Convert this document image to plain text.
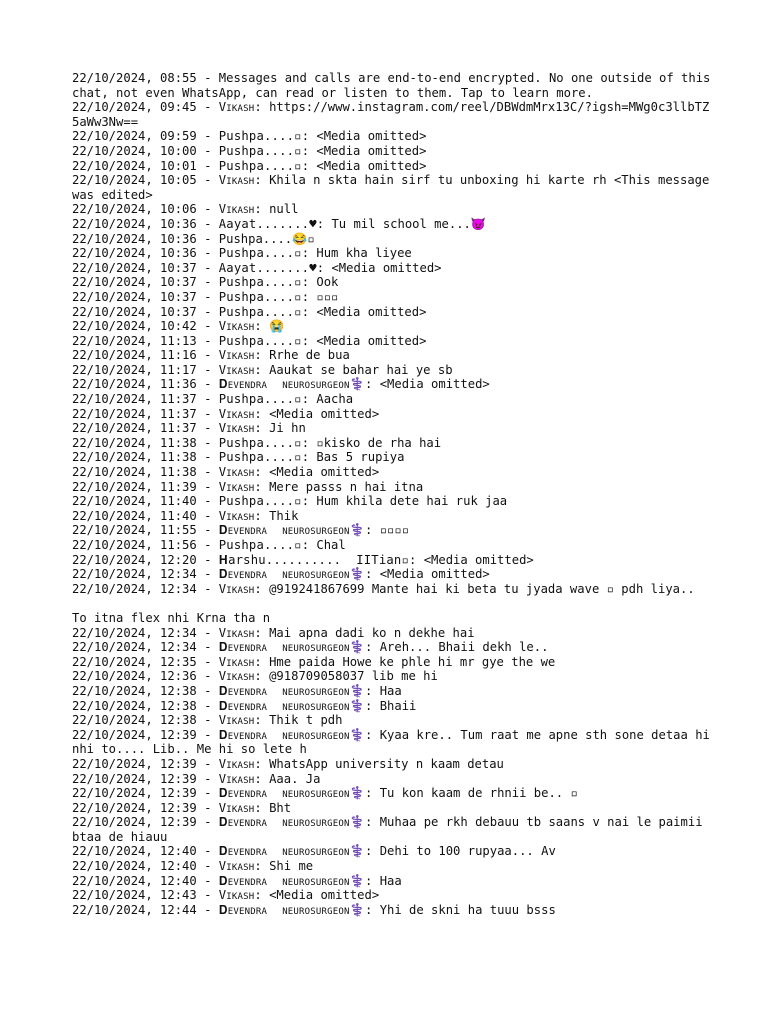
22/10/2024, 08:55 - Messages and calls are end-to-end encrypted. No one outside of this chat, not even WhatsApp, can read or listen to them. Tap to learn more.

22/10/2024, 09:45 - Vikash: https://www.instagram.com/reel/DBWdmMrx13C/?igsh=MWg0c3llbTZ5aWw3Nw==

22/10/2024, 09:59 - Pushpa....▫: <Media omitted>

22/10/2024, 10:00 - Pushpa....▫: <Media omitted>

22/10/2024, 10:01 - Pushpa....▫: <Media omitted>

22/10/2024, 10:05 - Vikash: Khila n skta hain sirf tu unboxing hi karte rh <This message was edited>

22/10/2024, 10:06 - Vikash: null

22/10/2024, 10:36 - Aayat.......♥: Tu mil school me...😈

22/10/2024, 10:36 - Pushpa....😂▫

22/10/2024, 10:36 - Pushpa....▫: Hum kha liyee

22/10/2024, 10:37 - Aayat.......♥: <Media omitted>

22/10/2024, 10:37 - Pushpa....▫: Ook

22/10/2024, 10:37 - Pushpa....▫: ▫▫▫

22/10/2024, 10:37 - Pushpa....▫: <Media omitted>

22/10/2024, 10:42 - Vikash: 😭

22/10/2024, 11:13 - Pushpa....▫: <Media omitted>

22/10/2024, 11:16 - Vikash: Rrhe de bua

22/10/2024, 11:17 - Vikash: Aaukat se bahar hai ye sb

22/10/2024, 11:36 - 𝐃evendra  neurosurgeon⚕️: <Media omitted>

22/10/2024, 11:37 - Pushpa....▫: Aacha

22/10/2024, 11:37 - Vikash: <Media omitted>

22/10/2024, 11:37 - Vikash: Ji hn

22/10/2024, 11:38 - Pushpa....▫: ▫kisko de rha hai

22/10/2024, 11:38 - Pushpa....▫: Bas 5 rupiya

22/10/2024, 11:38 - Vikash: <Media omitted>

22/10/2024, 11:39 - Vikash: Mere passs n hai itna

22/10/2024, 11:40 - Pushpa....▫: Hum khila dete hai ruk jaa

22/10/2024, 11:40 - Vikash: Thik

22/10/2024, 11:55 - 𝐃evendra  neurosurgeon⚕️: ▫▫▫▫

22/10/2024, 11:56 - Pushpa....▫: Chal

22/10/2024, 12:20 - 𝐇arshu..........  IITian▫: <Media omitted>

22/10/2024, 12:34 - 𝐃evendra  neurosurgeon⚕️: <Media omitted>

22/10/2024, 12:34 - Vikash: @919241867699 Mante hai ki beta tu jyada wave ▫ pdh liya..

To itna flex nhi Krna tha n

22/10/2024, 12:34 - Vikash: Mai apna dadi ko n dekhe hai

22/10/2024, 12:34 - 𝐃evendra  neurosurgeon⚕️: Areh... Bhaii dekh le..

22/10/2024, 12:35 - Vikash: Hme paida Howe ke phle hi mr gye the we

22/10/2024, 12:36 - Vikash: @918709058037 lib me hi

22/10/2024, 12:38 - 𝐃evendra  neurosurgeon⚕️: Haa

22/10/2024, 12:38 - 𝐃evendra  neurosurgeon⚕️: Bhaii

22/10/2024, 12:38 - Vikash: Thik t pdh

22/10/2024, 12:39 - 𝐃evendra  neurosurgeon⚕️: Kyaa kre.. Tum raat me apne sth sone detaa hi nhi to.... Lib.. Me hi so lete h

22/10/2024, 12:39 - Vikash: WhatsApp university n kaam detau

22/10/2024, 12:39 - Vikash: Aaa. Ja

22/10/2024, 12:39 - 𝐃evendra  neurosurgeon⚕️: Tu kon kaam de rhnii be.. ▫

22/10/2024, 12:39 - Vikash: Bht

22/10/2024, 12:39 - 𝐃evendra  neurosurgeon⚕️: Muhaa pe rkh debauu tb saans v nai le paimii btaa de hiauu

22/10/2024, 12:40 - 𝐃evendra  neurosurgeon⚕️: Dehi to 100 rupyaa... Av

22/10/2024, 12:40 - Vikash: Shi me

22/10/2024, 12:40 - 𝐃evendra  neurosurgeon⚕️: Haa

22/10/2024, 12:43 - Vikash: <Media omitted>

22/10/2024, 12:44 - 𝐃evendra  neurosurgeon⚕️: Yhi de skni ha tuuu bsss
